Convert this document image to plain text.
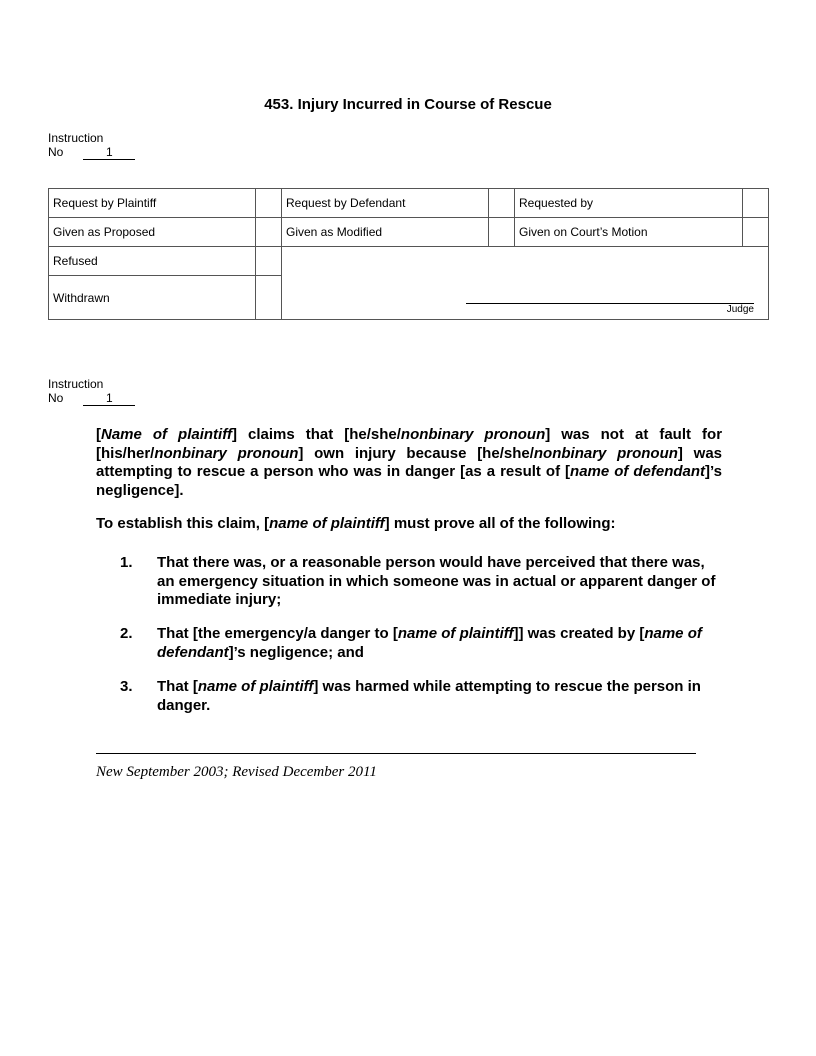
453. Injury Incurred in Course of Rescue
Instruction
No	1
Request by Plaintiff		Request by Defendant		Requested by	
Given as Proposed		Given as Modified		Given on Court’s Motion	
Refused					
Withdrawn					
Judge
Instruction
No	1
[Name of plaintiff] claims that [he/she/nonbinary pronoun] was not at fault for [his/her/nonbinary pronoun] own injury because [he/she/nonbinary pronoun] was attempting to rescue a person who was in danger [as a result of [name of defendant]’s negligence].
To establish this claim, [name of plaintiff] must prove all of the following:
1. That there was, or a reasonable person would have perceived that there was, an emergency situation in which someone was in actual or apparent danger of immediate injury;
2. That [the emergency/a danger to [name of plaintiff]] was created by [name of defendant]’s negligence; and
3. That [name of plaintiff] was harmed while attempting to rescue the person in danger.
New September 2003; Revised December 2011
